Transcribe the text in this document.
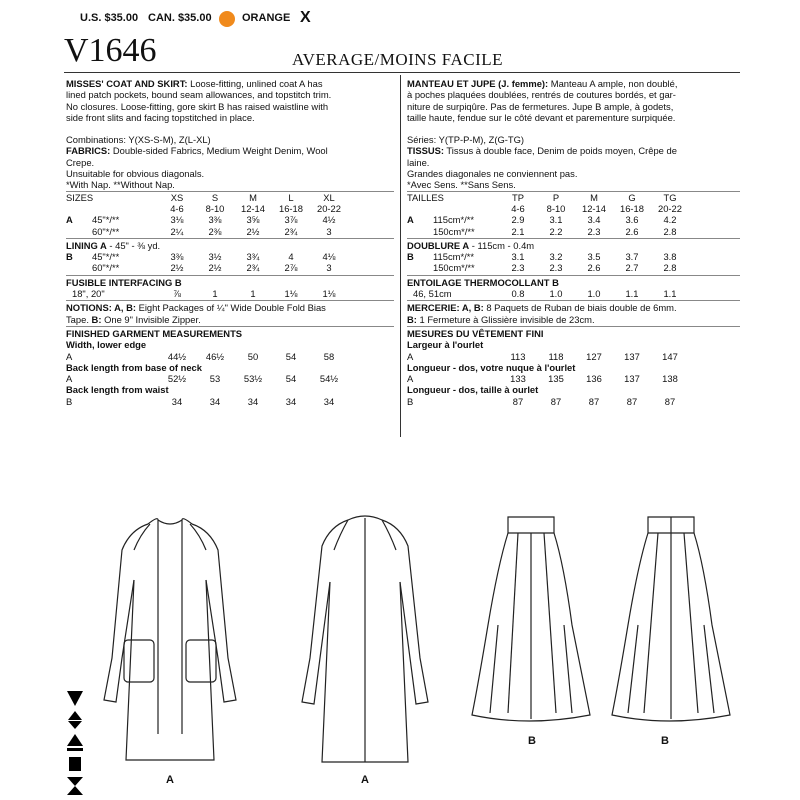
U.S. $35.00 CAN. $35.00	ORANGE X
V1646	AVERAGE/MOINS FACILE
MISSES' COAT AND SKIRT: Loose-fitting, unlined coat A has
lined patch pockets, bound seam allowances, and topstitch trim.
No closures. Loose-fitting, gore skirt B has raised waistline with
side front slits and facing topstitched in place.
Combinations: Y(XS-S-M), Z(L-XL)
FABRICS: Double-sided Fabrics, Medium Weight Denim, Wool
Crepe.
Unsuitable for obvious diagonals.
*With Nap. **Without Nap.
SIZES	XS	S	M	L	XL
4-6	8-10	12-14	16-18	20-22
A	45"*/**	3⅛	3⅜	3⅝	3⅞	4½
60"*/**	2¼	2⅜	2½	2¾	3
LINING A - 45" - ⅜ yd.
B	45"*/**	3⅜	3½	3¾	4	4⅛
60"*/**	2½	2½	2¾	2⅞	3
FUSIBLE INTERFACING B
18", 20"	⅞	1	1	1⅛	1⅛
NOTIONS: A, B: Eight Packages of ¼" Wide Double Fold Bias
Tape. B: One 9" Invisible Zipper.
FINISHED GARMENT MEASUREMENTS
Width, lower edge
A	44½	46½	50	54	58
Back length from base of neck
A	52½	53	53½	54	54½
Back length from waist
B	34	34	34	34	34
MANTEAU ET JUPE (J. femme): Manteau A ample, non doublé,
à poches plaquées doublées, rentrés de coutures bordés, et gar-
niture de surpiqûre. Pas de fermetures. Jupe B ample, à godets,
taille haute, fendue sur le côté devant et parementure surpiquée.
Séries: Y(TP-P-M), Z(G-TG)
TISSUS: Tissus à double face, Denim de poids moyen, Crêpe de
laine.
Grandes diagonales ne conviennent pas.
*Avec Sens. **Sans Sens.
TAILLES	TP	P	M	G	TG
4-6	8-10	12-14	16-18	20-22
A	115cm*/**	2.9	3.1	3.4	3.6	4.2
150cm*/**	2.1	2.2	2.3	2.6	2.8
DOUBLURE A - 115cm - 0.4m
B	115cm*/**	3.1	3.2	3.5	3.7	3.8
150cm*/**	2.3	2.3	2.6	2.7	2.8
ENTOILAGE THERMOCOLLANT B
46, 51cm	0.8	1.0	1.0	1.1	1.1
MERCERIE: A, B: 8 Paquets de Ruban de biais double de 6mm.
B: 1 Fermeture à Glissière invisible de 23cm.
MESURES DU VÊTEMENT FINI
Largeur à l'ourlet
A	113	118	127	137	147
Longueur - dos, votre nuque à l'ourlet
A	133	135	136	137	138
Longueur - dos, taille à ourlet
B	87	87	87	87	87
A	A
B	B
